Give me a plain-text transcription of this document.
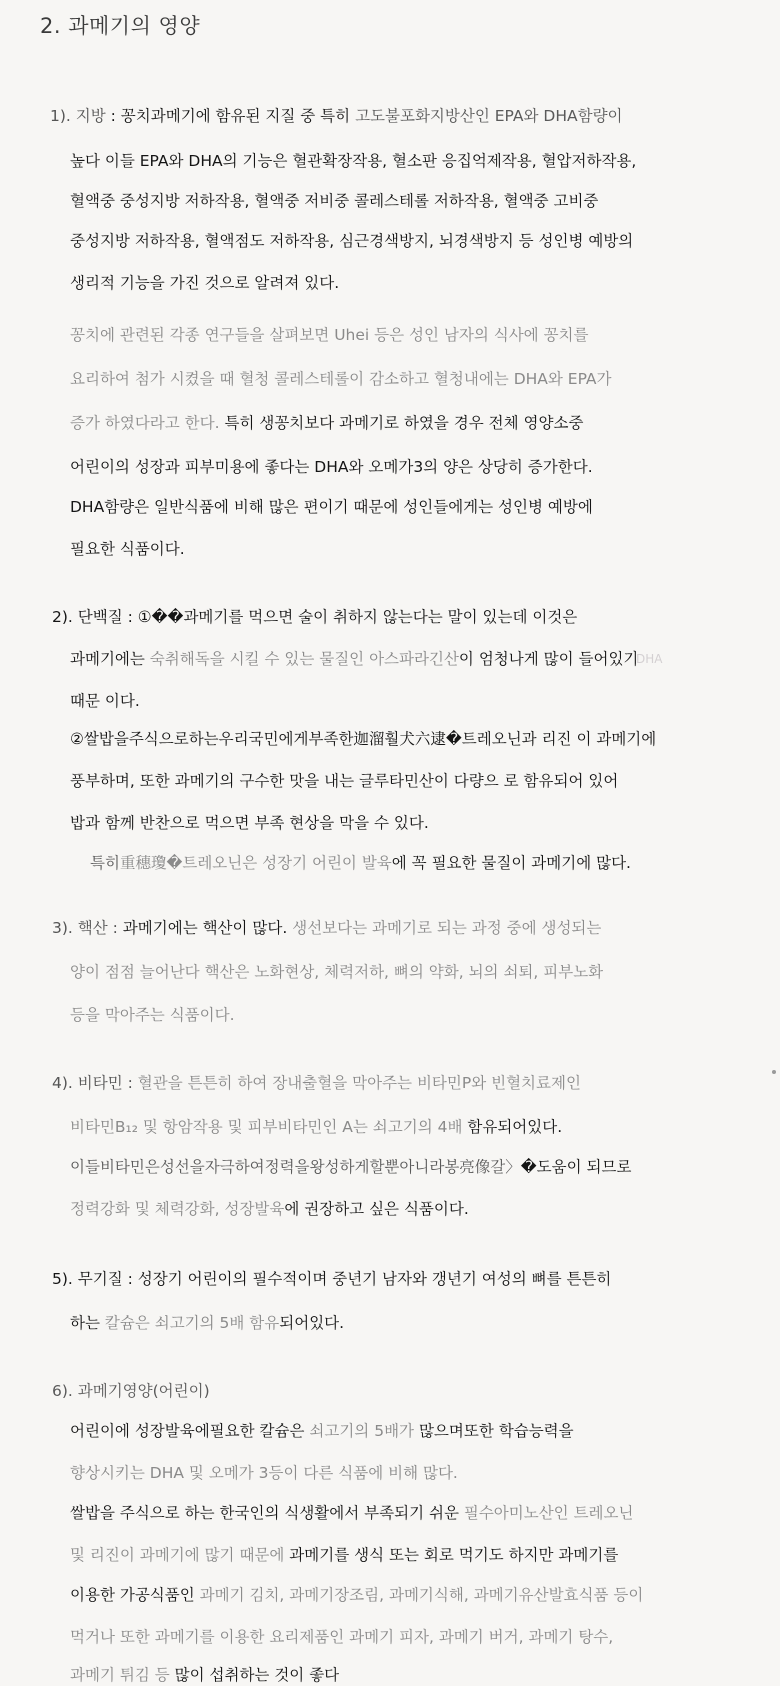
2. 과메기의 영양
DHA
1). 지방 : 꽁치과메기에 함유된 지질 중 특히 고도불포화지방산인 EPA와 DHA함량이
높다 이들 EPA와 DHA의 기능은 혈관확장작용, 혈소판 응집억제작용, 혈압저하작용,
혈액중 중성지방 저하작용, 혈액중 저비중 콜레스테롤 저하작용, 혈액중 고비중
중성지방 저하작용, 혈액점도 저하작용, 심근경색방지, 뇌경색방지 등 성인병 예방의
생리적 기능을 가진 것으로 알려져 있다.
꽁치에 관련된 각종 연구들을 살펴보면 Uhei 등은 성인 남자의 식사에 꽁치를
요리하여 첨가 시켰을 때 혈청 콜레스테롤이 감소하고 혈청내에는 DHA와 EPA가
증가 하였다라고 한다. 특히 생꽁치보다 과메기로 하였을 경우 전체 영양소중
어린이의 성장과 피부미용에 좋다는 DHA와 오메가3의 양은 상당히 증가한다.
DHA함량은 일반식품에 비해 많은 편이기 때문에 성인들에게는 성인병 예방에
필요한 식품이다.
2). 단백질 : ①��과메기를 먹으면 술이 취하지 않는다는 말이 있는데 이것은
과메기에는 숙취해독을 시킬 수 있는 물질인 아스파라긴산이 엄청나게 많이 들어있기
때문 이다.
②쌀밥을주식으로하는우리국민에게부족한迦溜훨犬六逮�트레오닌과 리진 이 과메기에
풍부하며, 또한 과메기의 구수한 맛을 내는 글루타민산이 다량으 로 함유되어 있어
밥과 함께 반찬으로 먹으면 부족 현상을 막을 수 있다.
특히重穗瓊�트레오닌은 성장기 어린이 발육에 꼭 필요한 물질이 과메기에 많다.
3). 핵산 : 과메기에는 핵산이 많다. 생선보다는 과메기로 되는 과정 중에 생성되는
양이 점점 늘어난다 핵산은 노화현상, 체력저하, 뼈의 약화, 뇌의 쇠퇴, 피부노화
등을 막아주는 식품이다.
4). 비타민 : 혈관을 튼튼히 하여 장내출혈을 막아주는 비타민P와 빈혈치료제인
비타민B₁₂ 및 항암작용 및 피부비타민인 A는 쇠고기의 4배 함유되어있다.
이들비타민은성선을자극하여정력을왕성하게할뿐아니라봉亮像갈〉�도움이 되므로
정력강화 및 체력강화, 성장발육에 권장하고 싶은 식품이다.
5). 무기질 : 성장기 어린이의 필수적이며 중년기 남자와 갱년기 여성의 뼈를 튼튼히
하는 칼슘은 쇠고기의 5배 함유되어있다.
6). 과메기영양(어린이)
어린이에 성장발육에필요한 칼슘은 쇠고기의 5배가 많으며또한 학습능력을
향상시키는 DHA 및 오메가 3등이 다른 식품에 비해 많다.
쌀밥을 주식으로 하는 한국인의 식생활에서 부족되기 쉬운 필수아미노산인 트레오닌
및 리진이 과메기에 많기 때문에 과메기를 생식 또는 회로 먹기도 하지만 과메기를
이용한 가공식품인 과메기 김치, 과메기장조림, 과메기식해, 과메기유산발효식품 등이
먹거나 또한 과메기를 이용한 요리제품인 과메기 피자, 과메기 버거, 과메기 탕수,
과메기 튀김 등 많이 섭취하는 것이 좋다
